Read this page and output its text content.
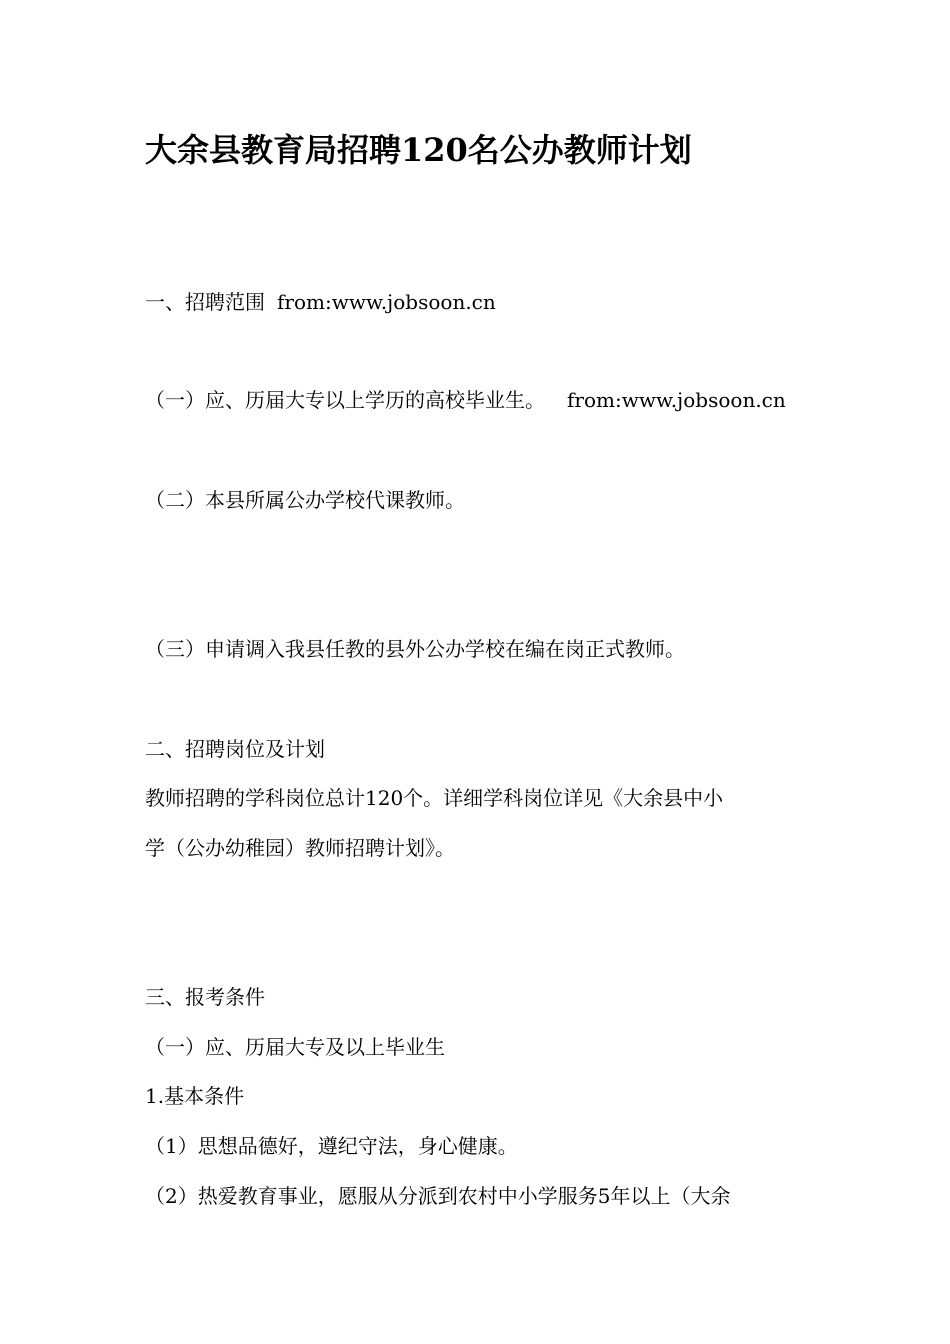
大余县教育局招聘120名公办教师计划
一、招聘范围 from:www.jobsoon.cn
（一）应、历届大专以上学历的高校毕业生。 from:www.jobsoon.cn
（二）本县所属公办学校代课教师。
（三）申请调入我县任教的县外公办学校在编在岗正式教师。
二、招聘岗位及计划
教师招聘的学科岗位总计120个。详细学科岗位详见《大余县中小
学（公办幼稚园）教师招聘计划》。
三、报考条件
（一）应、历届大专及以上毕业生
1.基本条件
（1）思想品德好，遵纪守法，身心健康。
（2）热爱教育事业，愿服从分派到农村中小学服务5年以上（大余
